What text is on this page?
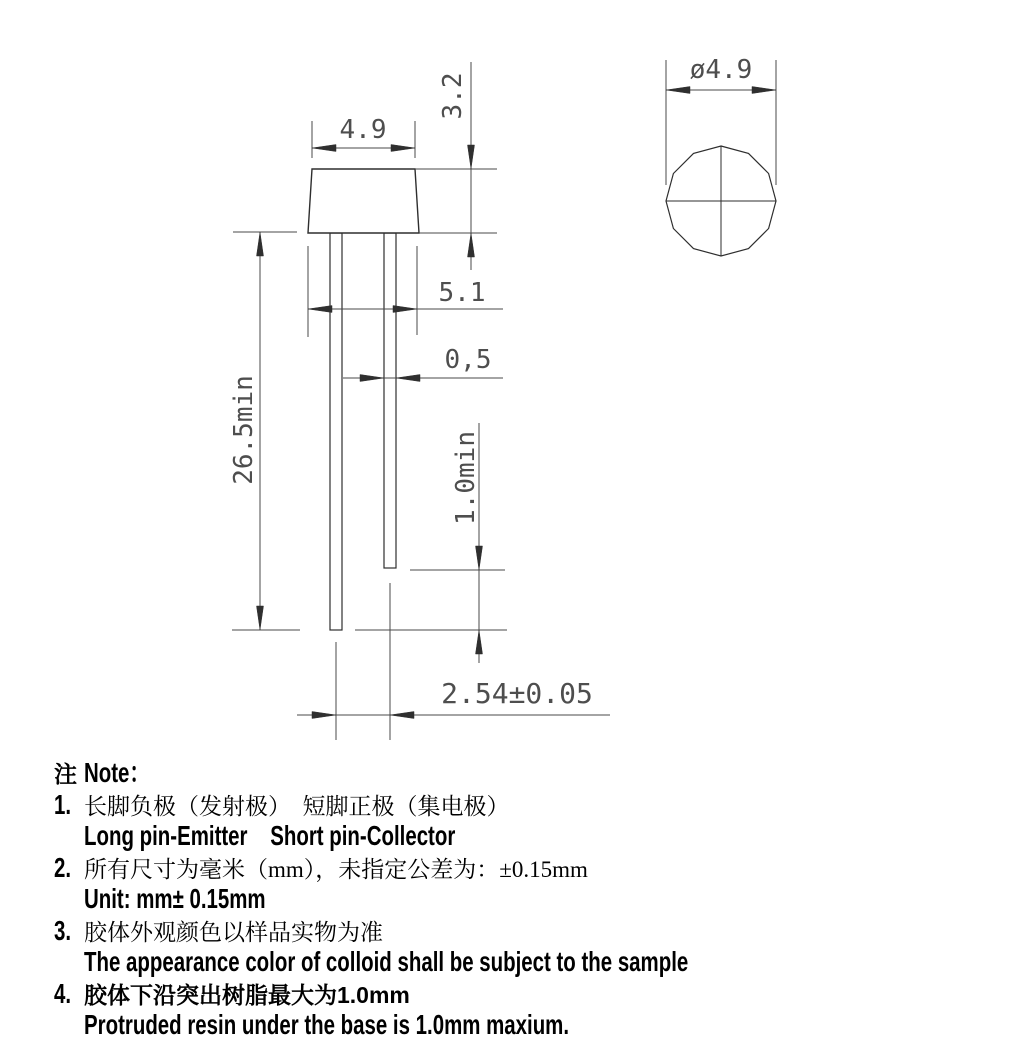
4.9
3.2
5.1
0,5
26.5min	1.0min
2.54±0.05
ø4.9
注 Note：
1. 长脚负极（发射极）　短脚正极（集电极）
Long pin-Emitter    Short pin-Collector
2. 所有尺寸为毫米（mm），未指定公差为：±0.15mm
Unit: mm± 0.15mm
3. 胶体外观颜色以样品实物为准
The appearance color of colloid shall be subject to the sample
4. 胶体下沿突出树脂最大为1.0mm
Protruded resin under the base is 1.0mm maxium.
